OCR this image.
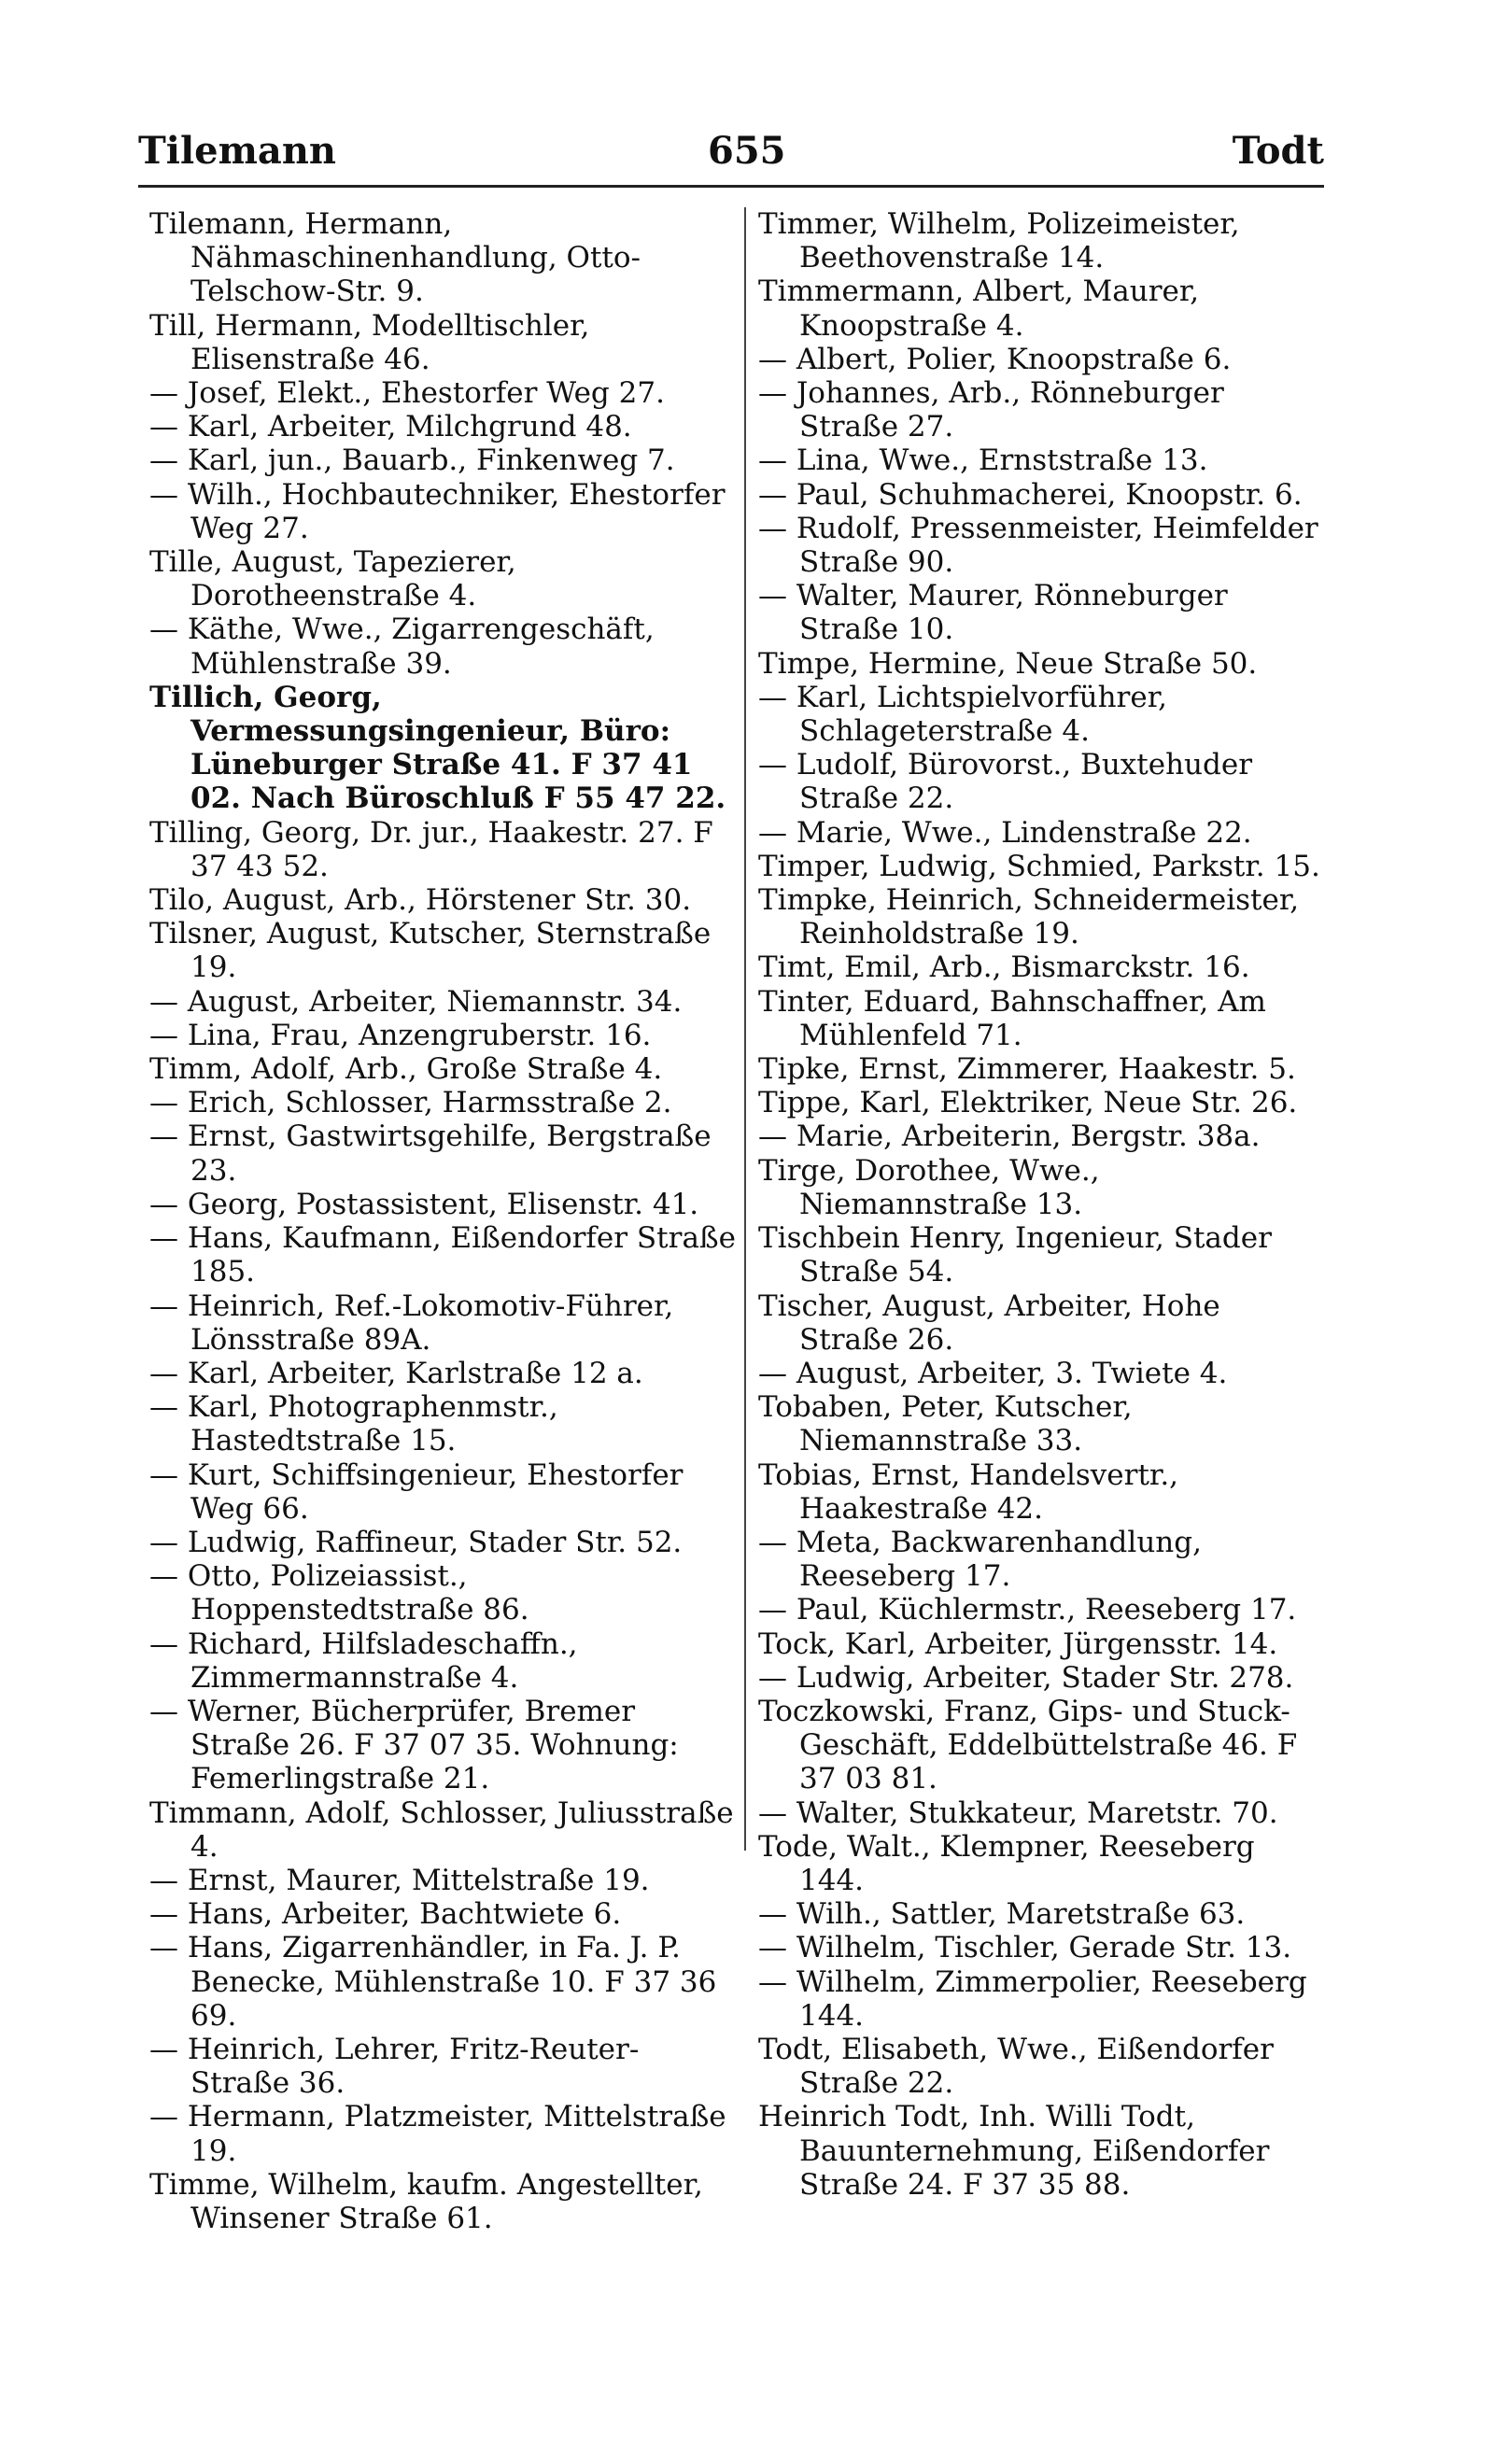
Tilemann	655	Todt

Tilemann, Hermann, Nähmaschinenhandlung, Otto-Telschow-Str. 9.

Till, Hermann, Modelltischler, Elisenstraße 46.

— Josef, Elekt., Ehestorfer Weg 27.

— Karl, Arbeiter, Milchgrund 48.

— Karl, jun., Bauarb., Finkenweg 7.

— Wilh., Hochbautechniker, Ehestorfer Weg 27.

Tille, August, Tapezierer, Dorotheenstraße 4.

— Käthe, Wwe., Zigarrengeschäft, Mühlenstraße 39.

Tillich, Georg, Vermessungsingenieur, Büro: Lüneburger Straße 41. F 37 41 02. Nach Büroschluß F 55 47 22.

Tilling, Georg, Dr. jur., Haakestr. 27. F 37 43 52.

Tilo, August, Arb., Hörstener Str. 30.

Tilsner, August, Kutscher, Sternstraße 19.

— August, Arbeiter, Niemannstr. 34.

— Lina, Frau, Anzengruberstr. 16.

Timm, Adolf, Arb., Große Straße 4.

— Erich, Schlosser, Harmsstraße 2.

— Ernst, Gastwirtsgehilfe, Bergstraße 23.

— Georg, Postassistent, Elisenstr. 41.

— Hans, Kaufmann, Eißendorfer Straße 185.

— Heinrich, Ref.-Lokomotiv-Führer, Lönsstraße 89A.

— Karl, Arbeiter, Karlstraße 12 a.

— Karl, Photographenmstr., Hastedtstraße 15.

— Kurt, Schiffsingenieur, Ehestorfer Weg 66.

— Ludwig, Raffineur, Stader Str. 52.

— Otto, Polizeiassist., Hoppenstedtstraße 86.

— Richard, Hilfsladeschaffn., Zimmermannstraße 4.

— Werner, Bücherprüfer, Bremer Straße 26. F 37 07 35. Wohnung: Femerlingstraße 21.

Timmann, Adolf, Schlosser, Juliusstraße 4.

— Ernst, Maurer, Mittelstraße 19.

— Hans, Arbeiter, Bachtwiete 6.

— Hans, Zigarrenhändler, in Fa. J. P. Benecke, Mühlenstraße 10. F 37 36 69.

— Heinrich, Lehrer, Fritz-Reuter-Straße 36.

— Hermann, Platzmeister, Mittelstraße 19.

Timme, Wilhelm, kaufm. Angestellter, Winsener Straße 61.

Timmer, Wilhelm, Polizeimeister, Beethovenstraße 14.

Timmermann, Albert, Maurer, Knoopstraße 4.

— Albert, Polier, Knoopstraße 6.

— Johannes, Arb., Rönneburger Straße 27.

— Lina, Wwe., Ernststraße 13.

— Paul, Schuhmacherei, Knoopstr. 6.

— Rudolf, Pressenmeister, Heimfelder Straße 90.

— Walter, Maurer, Rönneburger Straße 10.

Timpe, Hermine, Neue Straße 50.

— Karl, Lichtspielvorführer, Schlageterstraße 4.

— Ludolf, Bürovorst., Buxtehuder Straße 22.

— Marie, Wwe., Lindenstraße 22.

Timper, Ludwig, Schmied, Parkstr. 15.

Timpke, Heinrich, Schneidermeister, Reinholdstraße 19.

Timt, Emil, Arb., Bismarckstr. 16.

Tinter, Eduard, Bahnschaffner, Am Mühlenfeld 71.

Tipke, Ernst, Zimmerer, Haakestr. 5.

Tippe, Karl, Elektriker, Neue Str. 26.

— Marie, Arbeiterin, Bergstr. 38a.

Tirge, Dorothee, Wwe., Niemannstraße 13.

Tischbein Henry, Ingenieur, Stader Straße 54.

Tischer, August, Arbeiter, Hohe Straße 26.

— August, Arbeiter, 3. Twiete 4.

Tobaben, Peter, Kutscher, Niemannstraße 33.

Tobias, Ernst, Handelsvertr., Haakestraße 42.

— Meta, Backwarenhandlung, Reeseberg 17.

— Paul, Küchlermstr., Reeseberg 17.

Tock, Karl, Arbeiter, Jürgensstr. 14.

— Ludwig, Arbeiter, Stader Str. 278.

Toczkowski, Franz, Gips- und Stuck-Geschäft, Eddelbüttelstraße 46. F 37 03 81.

— Walter, Stukkateur, Maretstr. 70.

Tode, Walt., Klempner, Reeseberg 144.

— Wilh., Sattler, Maretstraße 63.

— Wilhelm, Tischler, Gerade Str. 13.

— Wilhelm, Zimmerpolier, Reeseberg 144.

Todt, Elisabeth, Wwe., Eißendorfer Straße 22.

Heinrich Todt, Inh. Willi Todt, Bauunternehmung, Eißendorfer Straße 24. F 37 35 88.
